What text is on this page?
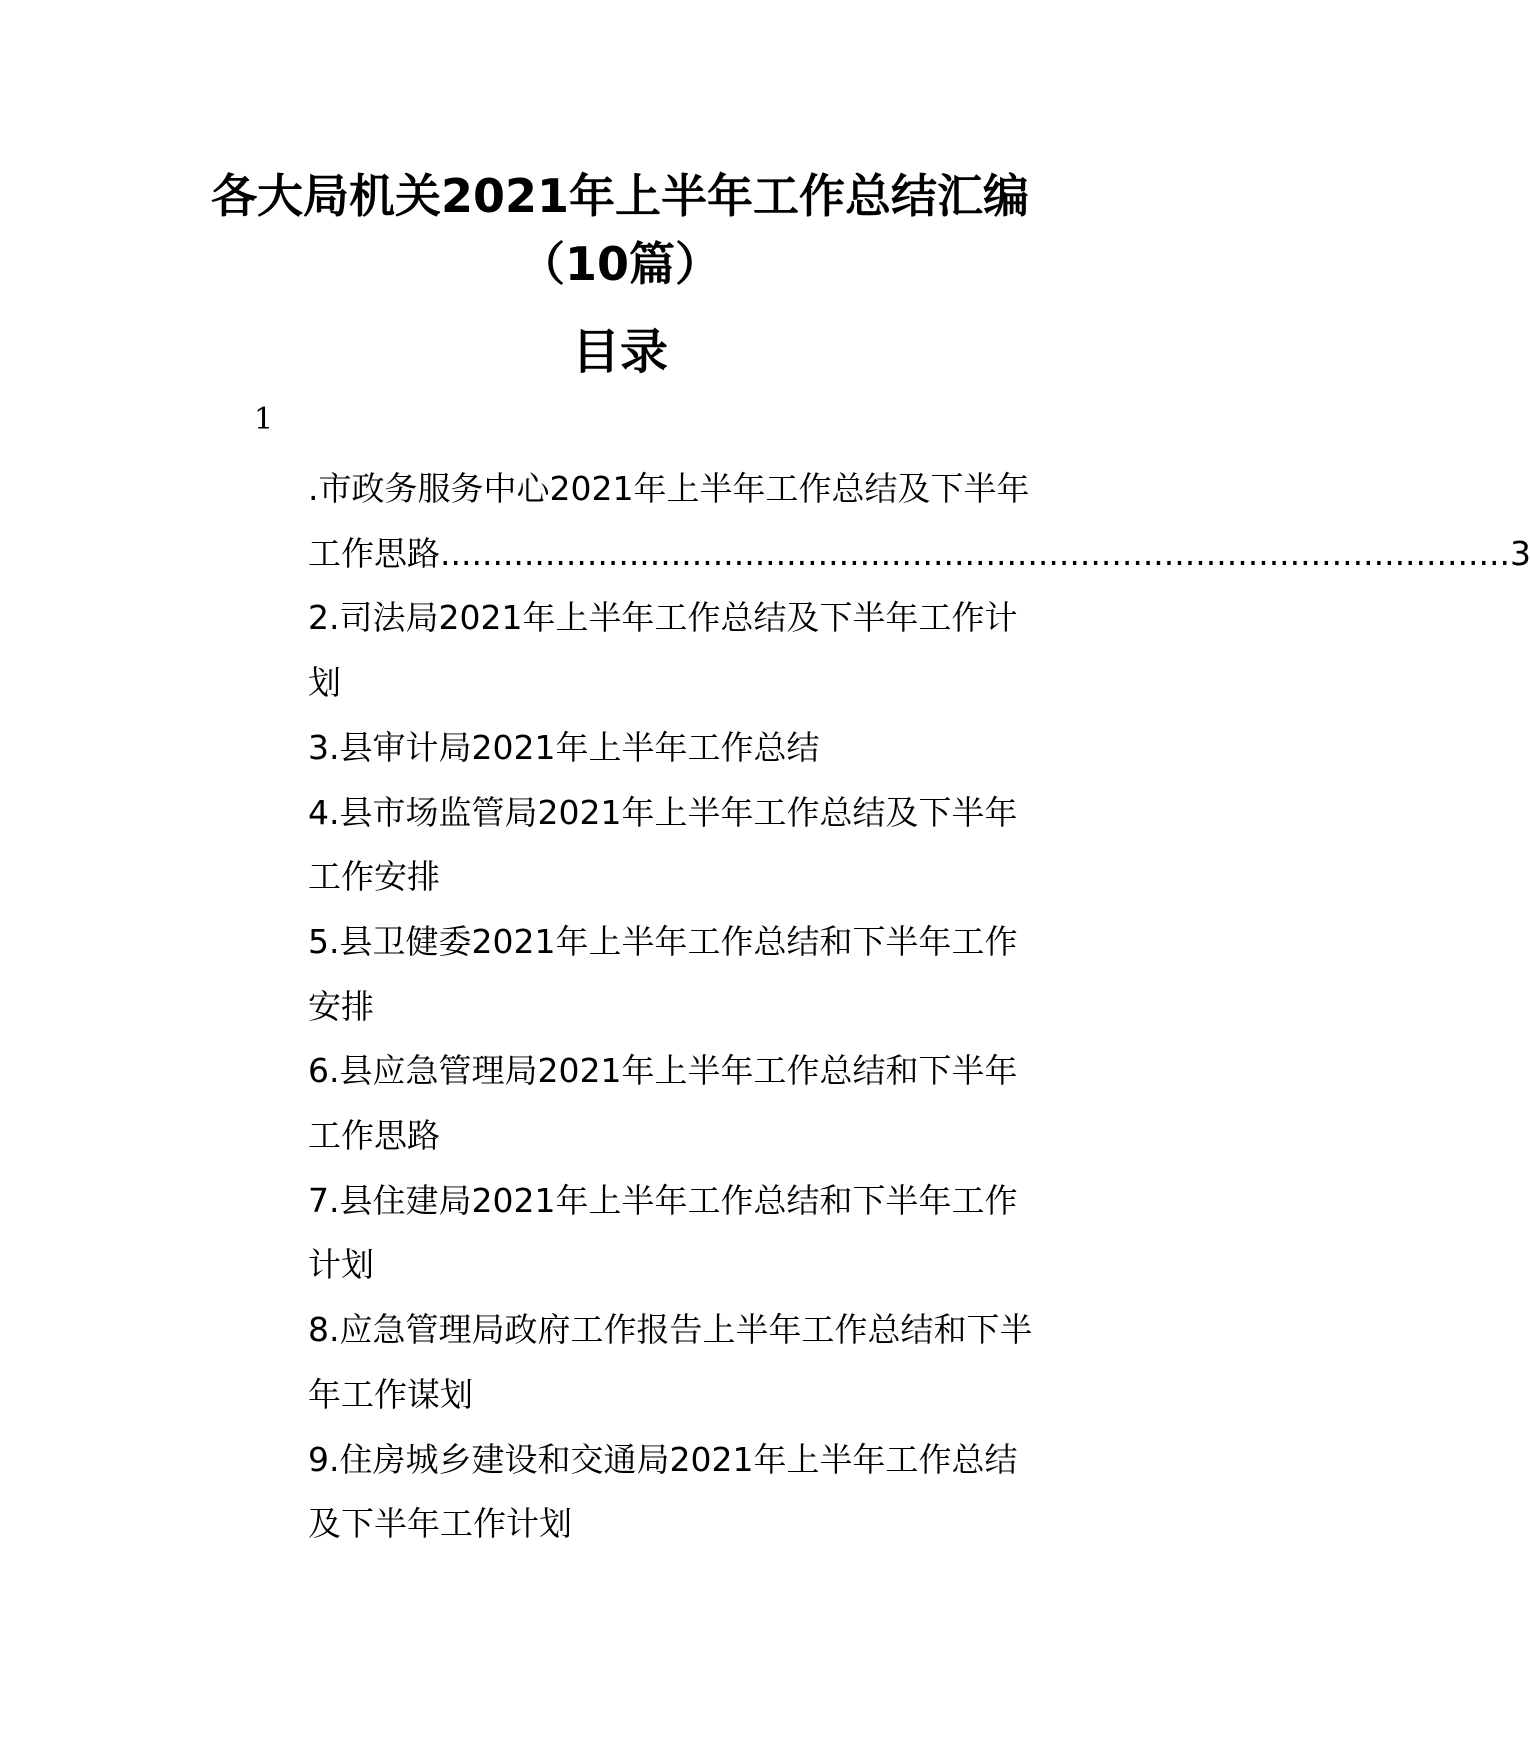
各大局机关2021年上半年工作总结汇编
（10篇）
目录
1
.市政务服务中心2021年上半年工作总结及下半年
工作思路 ...................................................................................................... 3
2.司法局2021年上半年工作总结及下半年工作计
划
3.县审计局2021年上半年工作总结
4.县市场监管局2021年上半年工作总结及下半年
工作安排
5.县卫健委2021年上半年工作总结和下半年工作
安排
6.县应急管理局2021年上半年工作总结和下半年
工作思路
7.县住建局2021年上半年工作总结和下半年工作
计划
8.应急管理局政府工作报告上半年工作总结和下半
年工作谋划
9.住房城乡建设和交通局2021年上半年工作总结
及下半年工作计划
